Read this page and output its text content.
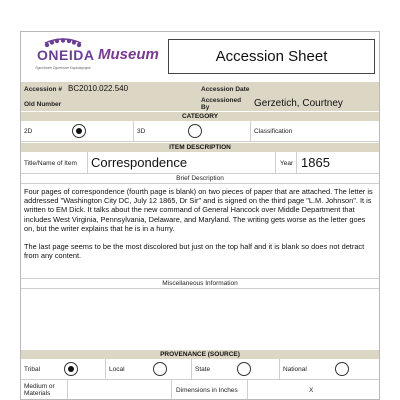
ONEIDA
Rgwa'tanhe Ogwehowe Kayanlagogwe
Museum	Accession Sheet
Accession # BC2010.022.540	Accession Date
Old Number
Accessioned By	Gerzetich, Courtney
CATEGORY
2D	3D	Classification
ITEM DESCRIPTION
Title/Name of Item Correspondence	Year 1865
Brief Description

Four pages of correspondence (fourth page is blank) on two pieces of paper that are attached. The letter is addressed "Washington City DC, July 12 1865, Dr Sir" and is signed on the third page "L.M. Johnson". It is written to EM Dick. It talks about the new command of General Hancock over Middle Department that includes West Virginia, Pennsylvania, Delaware, and Maryland. The writing gets worse as the letter goes on, but the writer explains that he is in a hurry.

The last page seems to be the most discolored but just on the top half and it is blank so does not detract from any content.

Miscellaneous Information
PROVENANCE (SOURCE)
Tribal	Local	State	National
Medium or Materials	Dimensions in Inches	X
